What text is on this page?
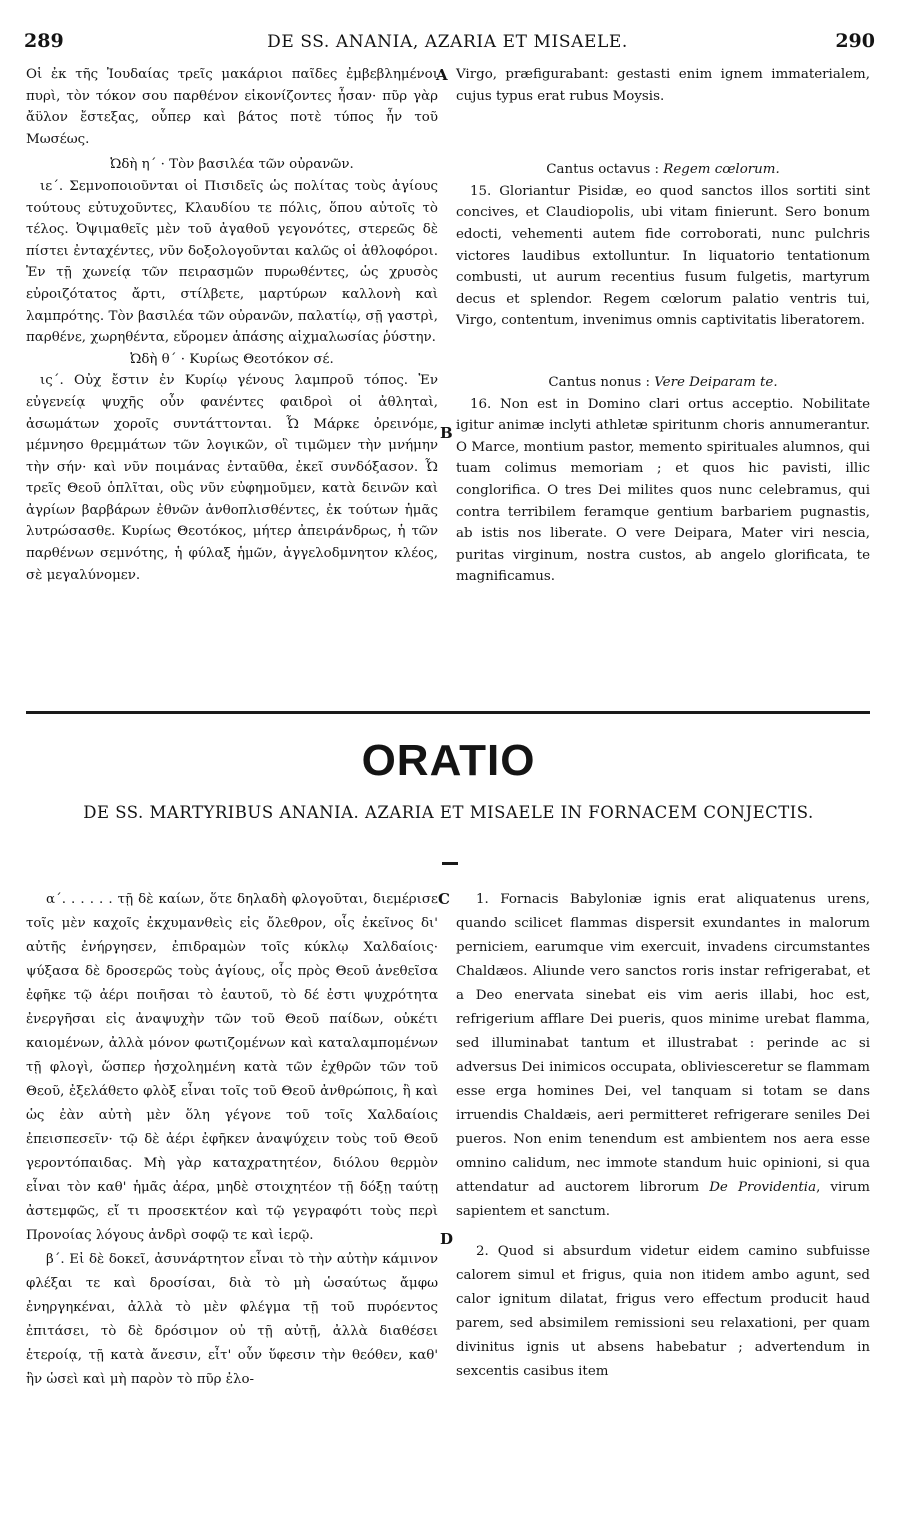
289	DE SS. ANANIA, AZARIA ET MISAELE.	290

Οἱ ἐκ τῆς Ἰουδαίας τρεῖς μακάριοι παῖδες ἐμβεβλημένοι πυρὶ, τὸν τόκον σου παρθένον εἰκονίζοντες ἦσαν· πῦρ γὰρ ἄϋλον ἔστεξας, οὗπερ καὶ βάτος ποτὲ τύπος ἦν τοῦ Μωσέως.

Ὠδὴ η΄ · Τὸν βασιλέα τῶν οὐρανῶν.

ιε΄. Σεμνοποιοῦνται οἱ Πισιδεῖς ὡς πολίτας τοὺς ἁγίους τούτους εὐτυχοῦντες, Κλαυδίου τε πόλις, ὅπου αὐτοῖς τὸ τέλος. Ὀψιμαθεῖς μὲν τοῦ ἀγαθοῦ γεγονότες, στερεῶς δὲ πίστει ἐνταχέντες, νῦν δοξολογοῦνται καλῶς οἱ ἀθλοφόροι. Ἐν τῇ χωνείᾳ τῶν πειρασμῶν πυρωθέντες, ὡς χρυσὸς εὐροιζότατος ἄρτι, στίλβετε, μαρτύρων καλλονὴ καὶ λαμπρότης. Τὸν βασιλέα τῶν οὐρανῶν, παλατίῳ, σῇ γαστρὶ, παρθένε, χωρηθέντα, εὕρομεν ἁπάσης αἰχμαλωσίας ῥύστην.

Ὠδὴ θ΄ · Κυρίως Θεοτόκον σέ.

ις΄. Οὐχ ἔστιν ἐν Κυρίῳ γένους λαμπροῦ τόπος. Ἐν εὐγενείᾳ ψυχῆς οὖν φανέντες φαιδροὶ οἱ ἀθληταὶ, ἀσωμάτων χοροῖς συντάττονται. Ὦ Μάρκε ὀρεινόμε, μέμνησο θρεμμάτων τῶν λογικῶν, οἳ τιμῶμεν τὴν μνήμην τὴν σήν· καὶ νῦν ποιμάνας ἐνταῦθα, ἐκεῖ συνδόξασον. Ὦ τρεῖς Θεοῦ ὁπλῖται, οὓς νῦν εὐφημοῦμεν, κατὰ δεινῶν καὶ ἀγρίων βαρβάρων ἐθνῶν ἀνθοπλισθέντες, ἐκ τούτων ἡμᾶς λυτρώσασθε. Κυρίως Θεοτόκος, μήτερ ἀπειράνδρως, ἡ τῶν παρθένων σεμνότης, ἡ φύλαξ ἡμῶν, ἀγγελοδμνητον κλέος, σὲ μεγαλύνομεν.

A
B

Virgo, præfigurabant: gestasti enim ignem immaterialem, cujus typus erat rubus Moysis.

Cantus octavus : Regem cœlorum.

15. Gloriantur Pisidæ, eo quod sanctos illos sortiti sint concives, et Claudiopolis, ubi vitam finierunt. Sero bonum edocti, vehementi autem fide corroborati, nunc pulchris victores laudibus extolluntur. In liquatorio tentationum combusti, ut aurum recentius fusum fulgetis, martyrum decus et splendor. Regem cœlorum palatio ventris tui, Virgo, contentum, invenimus omnis captivitatis liberatorem.

Cantus nonus : Vere Deiparam te.

16. Non est in Domino clari ortus acceptio. Nobilitate igitur animæ inclyti athletæ spiritunm choris annumerantur. O Marce, montium pastor, memento spirituales alumnos, qui tuam colimus memoriam ; et quos hic pavisti, illic conglorifica. O tres Dei milites quos nunc celebramus, qui contra terribilem feramque gentium barbariem pugnastis, ab istis nos liberate. O vere Deipara, Mater viri nescia, puritas virginum, nostra custos, ab angelo glorificata, te magnificamus.

ORATIO
DE SS. MARTYRIBUS ANANIA. AZARIA ET MISAELE IN FORNACEM CONJECTIS.

α΄. . . . . . τῇ δὲ καίων, ὅτε δηλαδὴ φλογοῦται, διεμέρισε τοῖς μὲν καχοῖς ἐκχυμανθεὶς εἰς ὄλεθρον, οἷς ἐκεῖνος δι' αὐτῆς ἐνήργησεν, ἐπιδραμὼν τοῖς κύκλῳ Χαλδαίοις· ψύξασα δὲ δροσερῶς τοὺς ἁγίους, οἷς πρὸς Θεοῦ ἀνεθεῖσα ἐφῆκε τῷ ἀέρι ποιῆσαι τὸ ἑαυτοῦ, τὸ δέ ἐστι ψυχρότητα ἐνεργῆσαι εἰς ἀναψυχὴν τῶν τοῦ Θεοῦ παίδων, οὐκέτι καιομένων, ἀλλὰ μόνον φωτιζομένων καὶ καταλαμπομένων τῇ φλογὶ, ὥσπερ ἠσχολημένη κατὰ τῶν ἐχθρῶν τῶν τοῦ Θεοῦ, ἐξελάθετο φλὸξ εἶναι τοῖς τοῦ Θεοῦ ἀνθρώποις, ἢ καὶ ὡς ἐὰν αὐτὴ μὲν ὅλη γέγονε τοῦ τοῖς Χαλδαίοις ἐπεισπεσεῖν· τῷ δὲ ἀέρι ἐφῆκεν ἀναψύχειν τοὺς τοῦ Θεοῦ γεροντόπαιδας. Μὴ γὰρ καταχρατητέον, διόλου θερμὸν εἶναι τὸν καθ' ἡμᾶς ἀέρα, μηδὲ στοιχητέον τῇ δόξῃ ταύτῃ ἀστεμφῶς, εἴ τι προσεκτέον καὶ τῷ γεγραφότι τοὺς περὶ Προνοίας λόγους ἀνδρὶ σοφῷ τε καὶ ἱερῷ.

β΄. Εἰ δὲ δοκεῖ, ἀσυνάρτητον εἶναι τὸ τὴν αὐτὴν κάμινον φλέξαι τε καὶ δροσίσαι, διὰ τὸ μὴ ὡσαύτως ἄμφω ἐνηργηκέναι, ἀλλὰ τὸ μὲν φλέγμα τῇ τοῦ πυρόεντος ἐπιτάσει, τὸ δὲ δρόσιμον οὐ τῇ αὐτῇ, ἀλλὰ διαθέσει ἑτεροίᾳ, τῇ κατὰ ἄνεσιν, εἶτ' οὖν ὕφεσιν τὴν θεόθεν, καθ' ἣν ὡσεὶ καὶ μὴ παρὸν τὸ πῦρ ἐλο-

C
D

1. Fornacis Babyloniæ ignis erat aliquatenus urens, quando scilicet flammas dispersit exundantes in malorum perniciem, earumque vim exercuit, invadens circumstantes Chaldæos. Aliunde vero sanctos roris instar refrigerabat, et a Deo enervata sinebat eis vim aeris illabi, hoc est, refrigerium afflare Dei pueris, quos minime urebat flamma, sed illuminabat tantum et illustrabat : perinde ac si adversus Dei inimicos occupata, obliviesceretur se flammam esse erga homines Dei, vel tanquam si totam se dans irruendis Chaldæis, aeri permitteret refrigerare seniles Dei pueros. Non enim tenendum est ambientem nos aera esse omnino calidum, nec immote standum huic opinioni, si qua attendatur ad auctorem librorum De Providentia, virum sapientem et sanctum.

2. Quod si absurdum videtur eidem camino subfuisse calorem simul et frigus, quia non itidem ambo agunt, sed calor ignitum dilatat, frigus vero effectum producit haud parem, sed absimilem remissioni seu relaxationi, per quam divinitus ignis ut absens habebatur ; advertendum in sexcentis casibus item
